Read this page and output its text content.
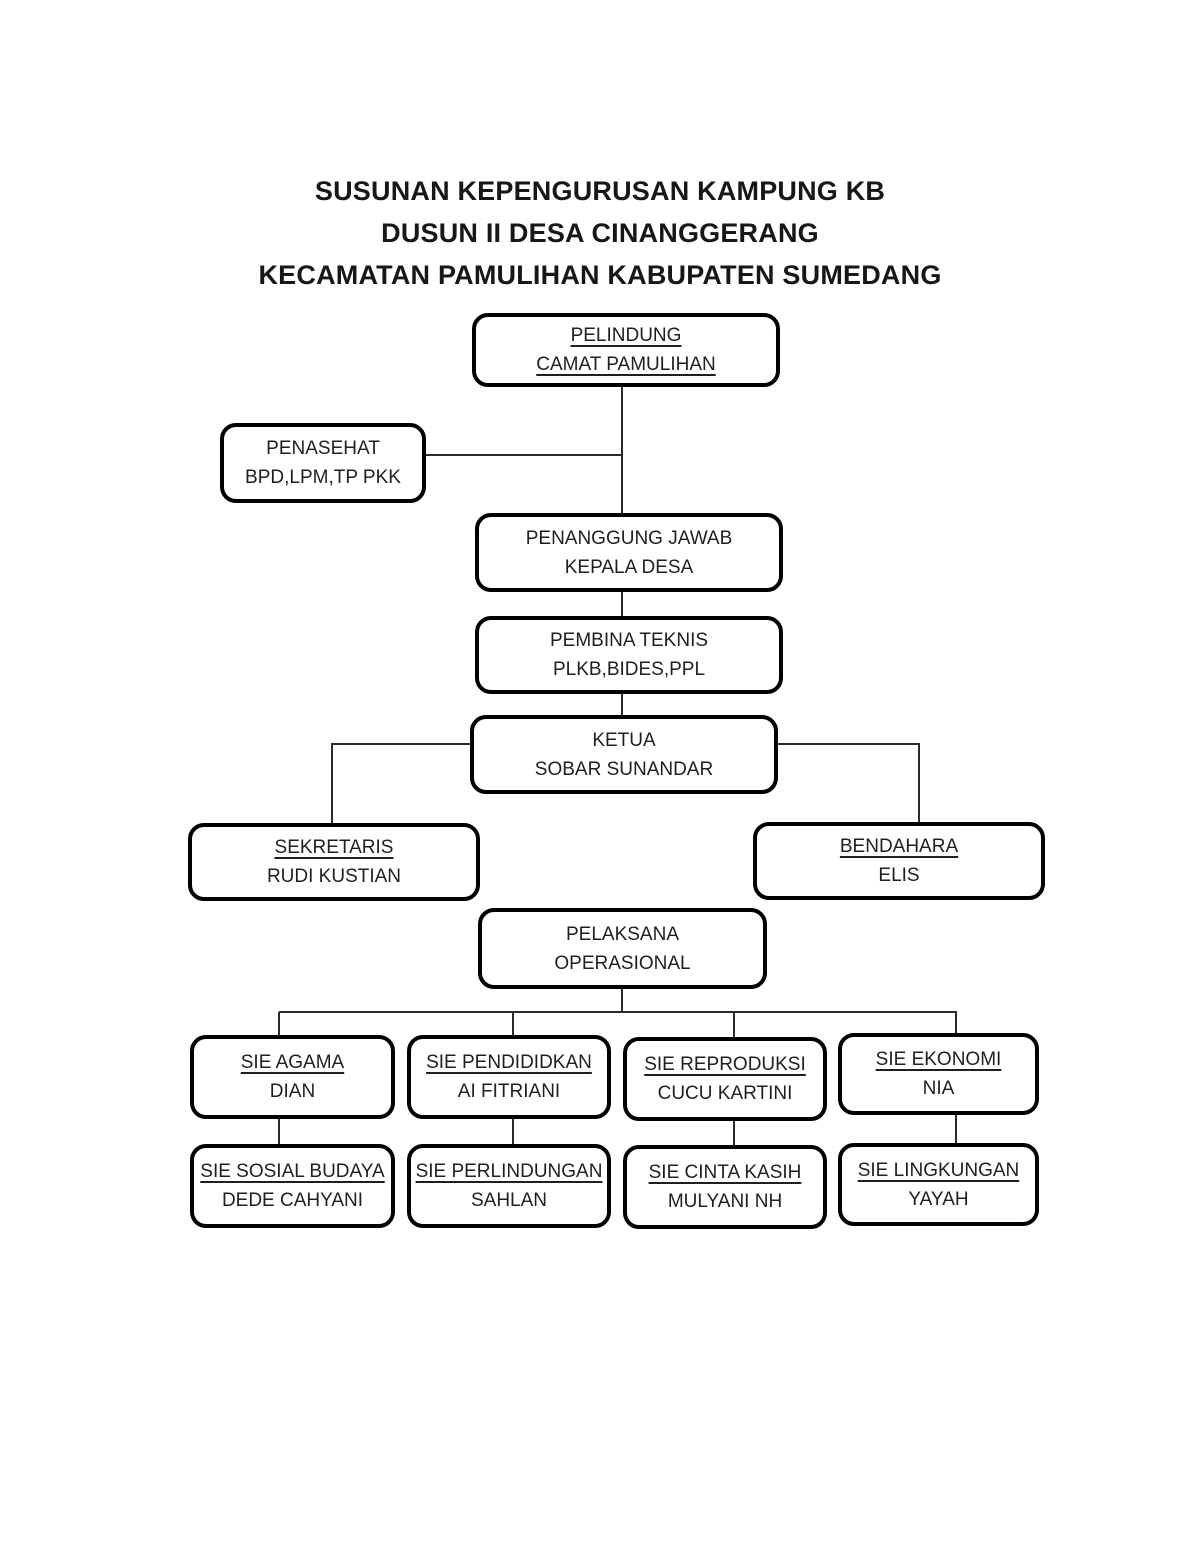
SUSUNAN KEPENGURUSAN KAMPUNG KB
DUSUN II DESA CINANGGERANG
KECAMATAN PAMULIHAN KABUPATEN SUMEDANG
PELINDUNG
CAMAT PAMULIHAN
PENASEHAT
BPD,LPM,TP PKK
PENANGGUNG JAWAB
KEPALA DESA
PEMBINA TEKNIS
PLKB,BIDES,PPL
KETUA
SOBAR SUNANDAR
SEKRETARIS
RUDI KUSTIAN
BENDAHARA
ELIS
PELAKSANA
OPERASIONAL
SIE AGAMA
DIAN
SIE PENDIDIDKAN
AI FITRIANI
SIE REPRODUKSI
CUCU KARTINI
SIE EKONOMI
NIA
SIE SOSIAL BUDAYA
DEDE CAHYANI
SIE PERLINDUNGAN
SAHLAN
SIE CINTA KASIH
MULYANI NH
SIE LINGKUNGAN
YAYAH
